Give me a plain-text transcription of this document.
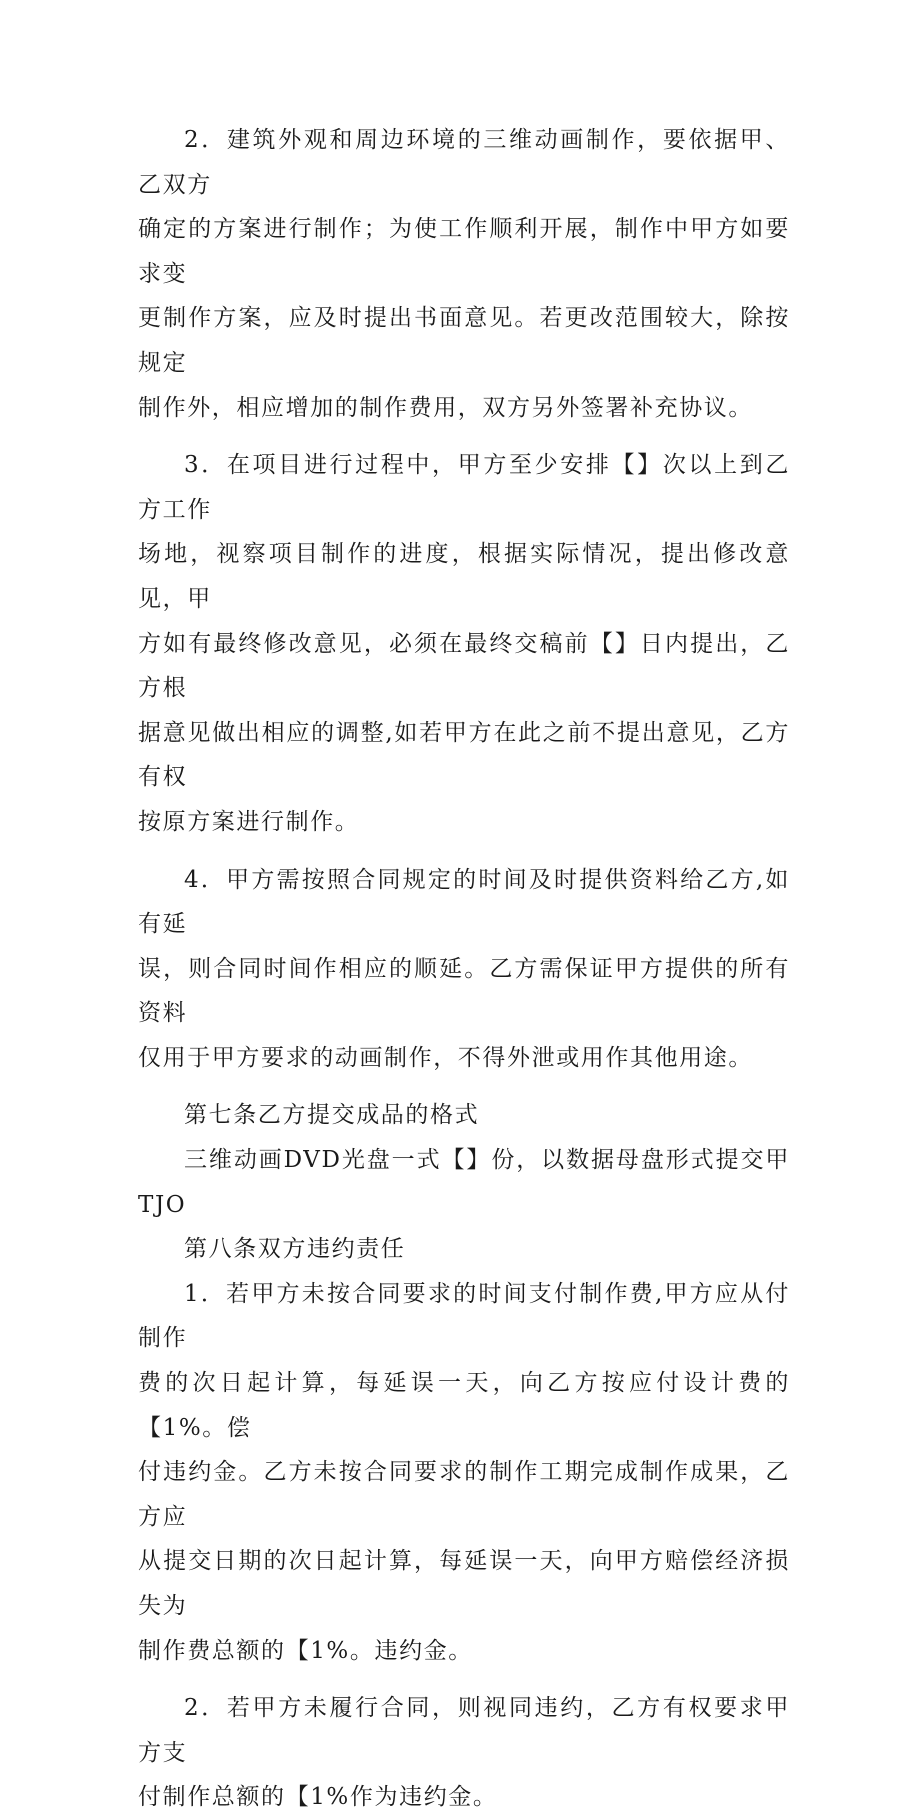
2．建筑外观和周边环境的三维动画制作，要依据甲、乙双方
确定的方案进行制作；为使工作顺利开展，制作中甲方如要求变
更制作方案，应及时提出书面意见。若更改范围较大，除按规定
制作外，相应增加的制作费用，双方另外签署补充协议。

3．在项目进行过程中，甲方至少安排【】次以上到乙方工作
场地，视察项目制作的进度，根据实际情况，提出修改意见，甲
方如有最终修改意见，必须在最终交稿前【】日内提出，乙方根
据意见做出相应的调整,如若甲方在此之前不提出意见，乙方有权
按原方案进行制作。

4．甲方需按照合同规定的时间及时提供资料给乙方,如有延
误，则合同时间作相应的顺延。乙方需保证甲方提供的所有资料
仅用于甲方要求的动画制作，不得外泄或用作其他用途。

第七条乙方提交成品的格式

三维动画DVD光盘一式【】份，以数据母盘形式提交甲TJO

第八条双方违约责任

1．若甲方未按合同要求的时间支付制作费,甲方应从付制作
费的次日起计算，每延误一天，向乙方按应付设计费的【1%。偿
付违约金。乙方未按合同要求的制作工期完成制作成果，乙方应
从提交日期的次日起计算，每延误一天，向甲方赔偿经济损失为
制作费总额的【1%。违约金。

2．若甲方未履行合同，则视同违约，乙方有权要求甲方支
付制作总额的【1%作为违约金。
